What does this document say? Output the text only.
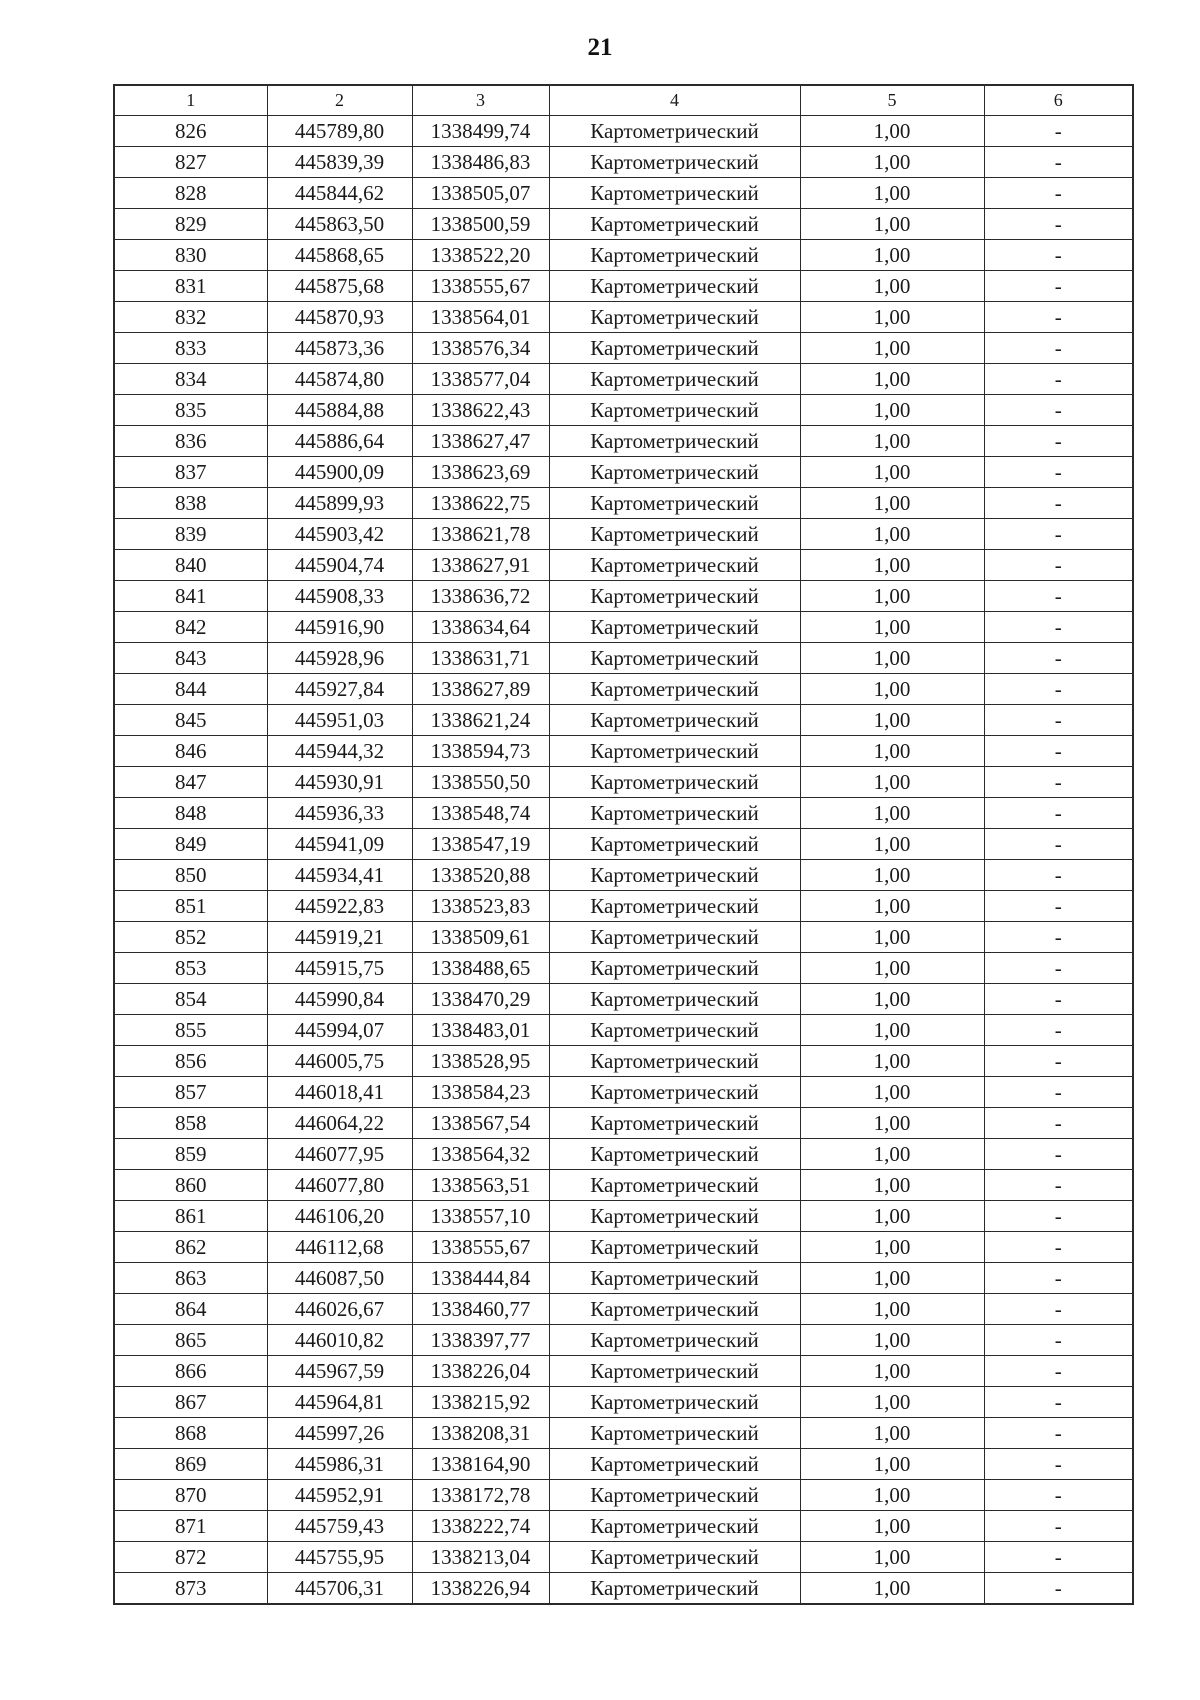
21
1	2	3	4	5	6
826	445789,80	1338499,74	Картометрический	1,00	-
827	445839,39	1338486,83	Картометрический	1,00	-
828	445844,62	1338505,07	Картометрический	1,00	-
829	445863,50	1338500,59	Картометрический	1,00	-
830	445868,65	1338522,20	Картометрический	1,00	-
831	445875,68	1338555,67	Картометрический	1,00	-
832	445870,93	1338564,01	Картометрический	1,00	-
833	445873,36	1338576,34	Картометрический	1,00	-
834	445874,80	1338577,04	Картометрический	1,00	-
835	445884,88	1338622,43	Картометрический	1,00	-
836	445886,64	1338627,47	Картометрический	1,00	-
837	445900,09	1338623,69	Картометрический	1,00	-
838	445899,93	1338622,75	Картометрический	1,00	-
839	445903,42	1338621,78	Картометрический	1,00	-
840	445904,74	1338627,91	Картометрический	1,00	-
841	445908,33	1338636,72	Картометрический	1,00	-
842	445916,90	1338634,64	Картометрический	1,00	-
843	445928,96	1338631,71	Картометрический	1,00	-
844	445927,84	1338627,89	Картометрический	1,00	-
845	445951,03	1338621,24	Картометрический	1,00	-
846	445944,32	1338594,73	Картометрический	1,00	-
847	445930,91	1338550,50	Картометрический	1,00	-
848	445936,33	1338548,74	Картометрический	1,00	-
849	445941,09	1338547,19	Картометрический	1,00	-
850	445934,41	1338520,88	Картометрический	1,00	-
851	445922,83	1338523,83	Картометрический	1,00	-
852	445919,21	1338509,61	Картометрический	1,00	-
853	445915,75	1338488,65	Картометрический	1,00	-
854	445990,84	1338470,29	Картометрический	1,00	-
855	445994,07	1338483,01	Картометрический	1,00	-
856	446005,75	1338528,95	Картометрический	1,00	-
857	446018,41	1338584,23	Картометрический	1,00	-
858	446064,22	1338567,54	Картометрический	1,00	-
859	446077,95	1338564,32	Картометрический	1,00	-
860	446077,80	1338563,51	Картометрический	1,00	-
861	446106,20	1338557,10	Картометрический	1,00	-
862	446112,68	1338555,67	Картометрический	1,00	-
863	446087,50	1338444,84	Картометрический	1,00	-
864	446026,67	1338460,77	Картометрический	1,00	-
865	446010,82	1338397,77	Картометрический	1,00	-
866	445967,59	1338226,04	Картометрический	1,00	-
867	445964,81	1338215,92	Картометрический	1,00	-
868	445997,26	1338208,31	Картометрический	1,00	-
869	445986,31	1338164,90	Картометрический	1,00	-
870	445952,91	1338172,78	Картометрический	1,00	-
871	445759,43	1338222,74	Картометрический	1,00	-
872	445755,95	1338213,04	Картометрический	1,00	-
873	445706,31	1338226,94	Картометрический	1,00	-
